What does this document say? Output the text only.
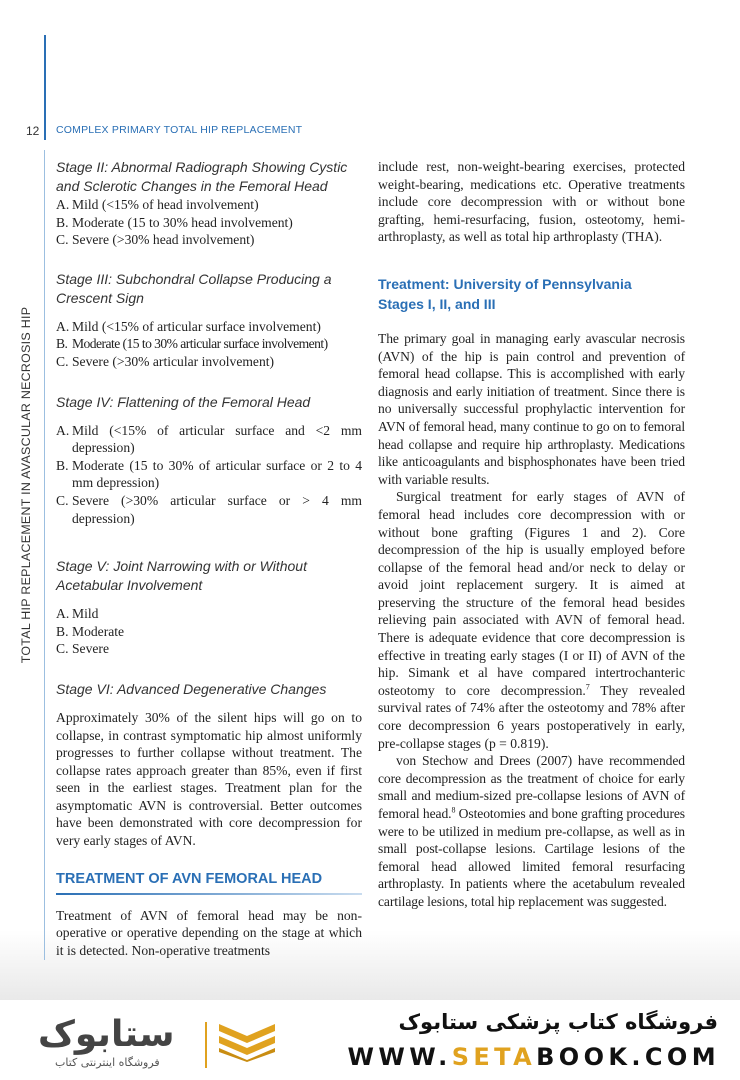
12 COMPLEX PRIMARY TOTAL HIP REPLACEMENT
TOTAL HIP REPLACEMENT IN AVASCULAR NECROSIS HIP
Stage II: Abnormal Radiograph Showing Cystic and Sclerotic Changes in the Femoral Head
A. Mild (<15% of head involvement)
B. Moderate (15 to 30% head involvement)
C. Severe (>30% head involvement)
Stage III: Subchondral Collapse Producing a Crescent Sign
A. Mild (<15% of articular surface involvement)
B. Moderate (15 to 30% articular surface involvement)
C. Severe (>30% articular involvement)
Stage IV: Flattening of the Femoral Head
A. Mild (<15% of articular surface and <2 mm depression)
B. Moderate (15 to 30% of articular surface or 2 to 4 mm depression)
C. Severe (>30% articular surface or > 4 mm depression)
Stage V: Joint Narrowing with or Without Acetabular Involvement
A. Mild
B. Moderate
C. Severe
Stage VI: Advanced Degenerative Changes

Approximately 30% of the silent hips will go on to collapse, in contrast symptomatic hip almost uniformly progresses to further collapse without treatment. The collapse rates approach greater than 85%, even if first seen in the earliest stages. Treatment plan for the asymptomatic AVN is controversial. Better outcomes have been demonstrated with core decompression for very early stages of AVN.

TREATMENT OF AVN FEMORAL HEAD

Treatment of AVN of femoral head may be non-operative or operative depending on the stage at which it is detected. Non-operative treatments

include rest, non-weight-bearing exercises, protected weight-bearing, medications etc. Operative treatments include core decompression with or without bone grafting, hemi-resurfacing, fusion, osteotomy, hemi-arthroplasty, as well as total hip arthroplasty (THA).

Treatment: University of Pennsylvania
Stages I, II, and III

The primary goal in managing early avascular necrosis (AVN) of the hip is pain control and prevention of femoral head collapse. This is accomplished with early diagnosis and early initiation of treatment. Since there is no universally successful prophylactic intervention for AVN of femoral head, many continue to go on to femoral head collapse and require hip arthroplasty. Medications like anticoagulants and bisphosphonates have been tried with variable results.

Surgical treatment for early stages of AVN of femoral head includes core decompression with or without bone grafting (Figures 1 and 2). Core decompression of the hip is usually employed before collapse of the femoral head and/or neck to delay or avoid joint replacement surgery. It is aimed at preserving the structure of the femoral head besides relieving pain associated with AVN of femoral head. There is adequate evidence that core decompression is effective in treating early stages (I or II) of AVN of the hip. Simank et al have compared intertrochanteric osteotomy to core decompression.$^7$ They revealed survival rates of 74% after the osteotomy and 78% after core decompression 6 years postoperatively in early, pre-collapse stages (p = 0.819).

von Stechow and Drees (2007) have recommended core decompression as the treatment of choice for early small and medium-sized pre-collapse lesions of AVN of femoral head.$^8$ Osteotomies and bone grafting procedures were to be utilized in medium pre-collapse, as well as in small post-collapse lesions. Cartilage lesions of the femoral head allowed limited femoral resurfacing arthroplasty. In patients where the acetabulum revealed cartilage lesions, total hip replacement was suggested.

ستابوک
فروشگاه اینترنتی کتاب
فروشگاه کتاب پزشکی ستابوک
WWW.SETABOOK.COM
